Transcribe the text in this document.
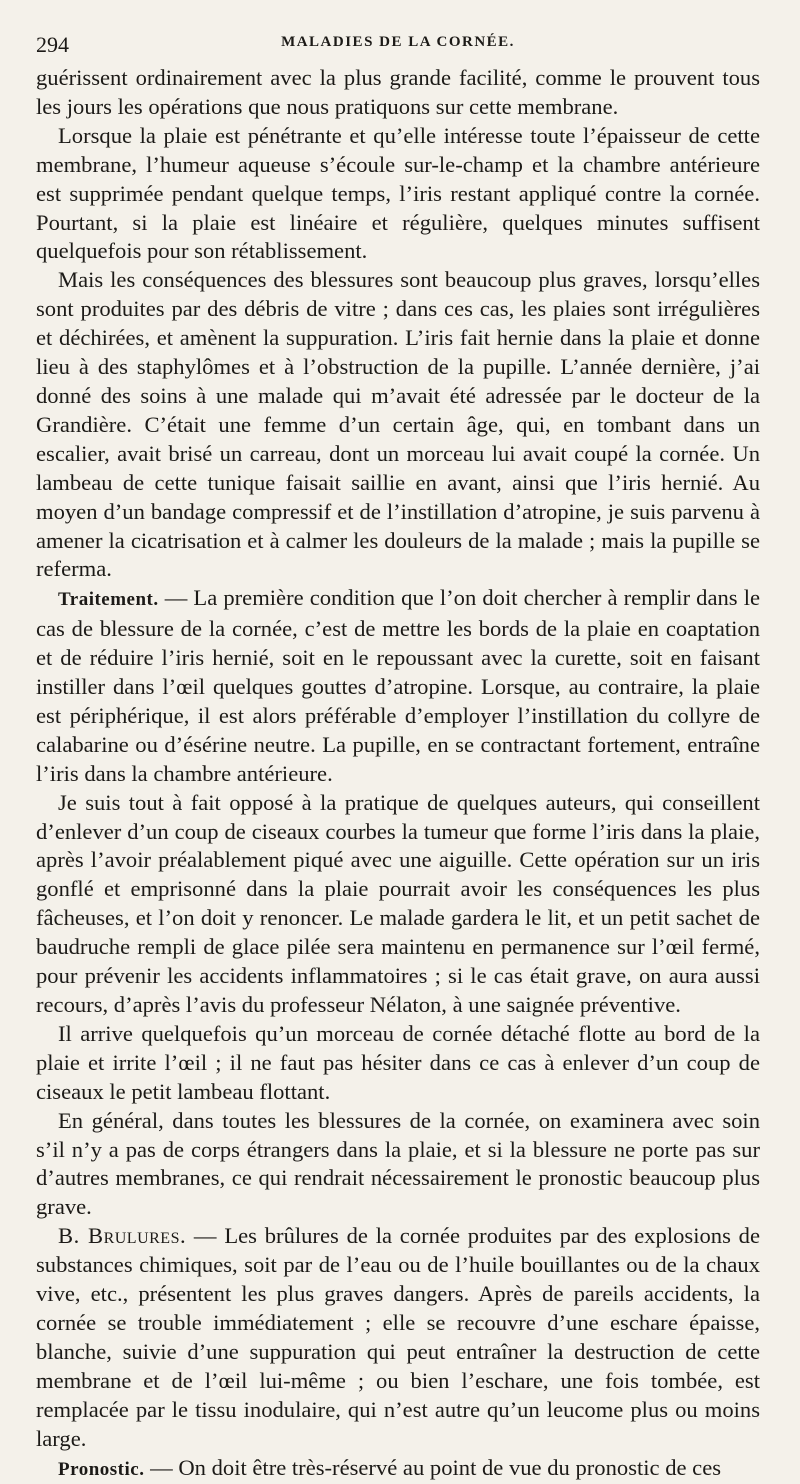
294	MALADIES DE LA CORNÉE.

guérissent ordinairement avec la plus grande facilité, comme le prouvent tous les jours les opérations que nous pratiquons sur cette membrane.

Lorsque la plaie est pénétrante et qu’elle intéresse toute l’épaisseur de cette membrane, l’humeur aqueuse s’écoule sur-le-champ et la chambre antérieure est supprimée pendant quelque temps, l’iris restant appliqué contre la cornée. Pourtant, si la plaie est linéaire et régulière, quelques minutes suffisent quelquefois pour son rétablissement.

Mais les conséquences des blessures sont beaucoup plus graves, lorsqu’elles sont produites par des débris de vitre ; dans ces cas, les plaies sont irrégulières et déchirées, et amènent la suppuration. L’iris fait hernie dans la plaie et donne lieu à des staphylômes et à l’obstruction de la pupille. L’année dernière, j’ai donné des soins à une malade qui m’avait été adressée par le docteur de la Grandière. C’était une femme d’un certain âge, qui, en tombant dans un escalier, avait brisé un carreau, dont un morceau lui avait coupé la cornée. Un lambeau de cette tunique faisait saillie en avant, ainsi que l’iris hernié. Au moyen d’un bandage compressif et de l’instillation d’atropine, je suis parvenu à amener la cicatrisation et à calmer les douleurs de la malade ; mais la pupille se referma.

Traitement. — La première condition que l’on doit chercher à remplir dans le cas de blessure de la cornée, c’est de mettre les bords de la plaie en coaptation et de réduire l’iris hernié, soit en le repoussant avec la curette, soit en faisant instiller dans l’œil quelques gouttes d’atropine. Lorsque, au contraire, la plaie est périphérique, il est alors préférable d’employer l’instillation du collyre de calabarine ou d’ésérine neutre. La pupille, en se contractant fortement, entraîne l’iris dans la chambre antérieure.

Je suis tout à fait opposé à la pratique de quelques auteurs, qui conseillent d’enlever d’un coup de ciseaux courbes la tumeur que forme l’iris dans la plaie, après l’avoir préalablement piqué avec une aiguille. Cette opération sur un iris gonflé et emprisonné dans la plaie pourrait avoir les conséquences les plus fâcheuses, et l’on doit y renoncer. Le malade gardera le lit, et un petit sachet de baudruche rempli de glace pilée sera maintenu en permanence sur l’œil fermé, pour prévenir les accidents inflammatoires ; si le cas était grave, on aura aussi recours, d’après l’avis du professeur Nélaton, à une saignée préventive.

Il arrive quelquefois qu’un morceau de cornée détaché flotte au bord de la plaie et irrite l’œil ; il ne faut pas hésiter dans ce cas à enlever d’un coup de ciseaux le petit lambeau flottant.

En général, dans toutes les blessures de la cornée, on examinera avec soin s’il n’y a pas de corps étrangers dans la plaie, et si la blessure ne porte pas sur d’autres membranes, ce qui rendrait nécessairement le pronostic beaucoup plus grave.

B. Brulures. — Les brûlures de la cornée produites par des explosions de substances chimiques, soit par de l’eau ou de l’huile bouillantes ou de la chaux vive, etc., présentent les plus graves dangers. Après de pareils accidents, la cornée se trouble immédiatement ; elle se recouvre d’une eschare épaisse, blanche, suivie d’une suppuration qui peut entraîner la destruction de cette membrane et de l’œil lui-même ; ou bien l’eschare, une fois tombée, est remplacée par le tissu inodulaire, qui n’est autre qu’un leucome plus ou moins large.

Pronostic. — On doit être très-réservé au point de vue du pronostic de ces
